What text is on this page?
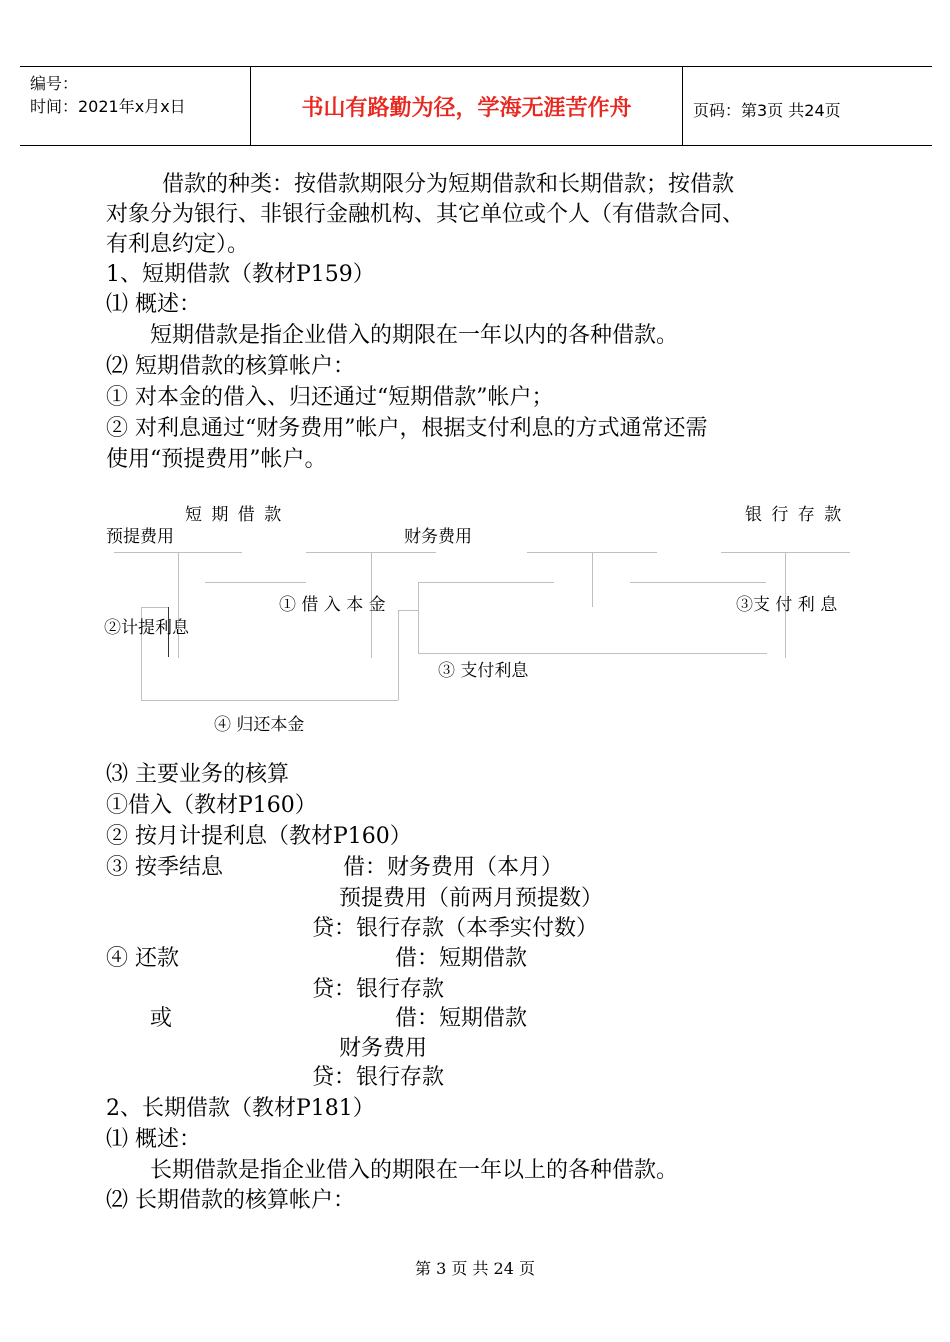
编号：
时间：2021年x月x日	书山有路勤为径，学海无涯苦作舟	页码：第3页 共24页
借款的种类：按借款期限分为短期借款和长期借款；按借款
对象分为银行、非银行金融机构、其它单位或个人（有借款合同、
有利息约定）。
1、短期借款（教材P159）
⑴ 概述：
短期借款是指企业借入的期限在一年以内的各种借款。
⑵ 短期借款的核算帐户：
① 对本金的借入、归还通过“短期借款”帐户；
② 对利息通过“财务费用”帐户，根据支付利息的方式通常还需
使用“预提费用”帐户。
短 期 借 款	银 行 存 款
预提费用	财务费用
① 借 入 本 金	③支 付 利 息
②计提利息
③ 支付利息
④ 归还本金
⑶ 主要业务的核算
①借入（教材P160）
② 按月计提利息（教材P160）
③ 按季结息	借：财务费用（本月）
预提费用（前两月预提数）
贷：银行存款（本季实付数）
④ 还款	借：短期借款
贷：银行存款
或	借：短期借款
财务费用
贷：银行存款
2、长期借款（教材P181）
⑴ 概述：
长期借款是指企业借入的期限在一年以上的各种借款。
⑵ 长期借款的核算帐户：
第 3 页 共 24 页
